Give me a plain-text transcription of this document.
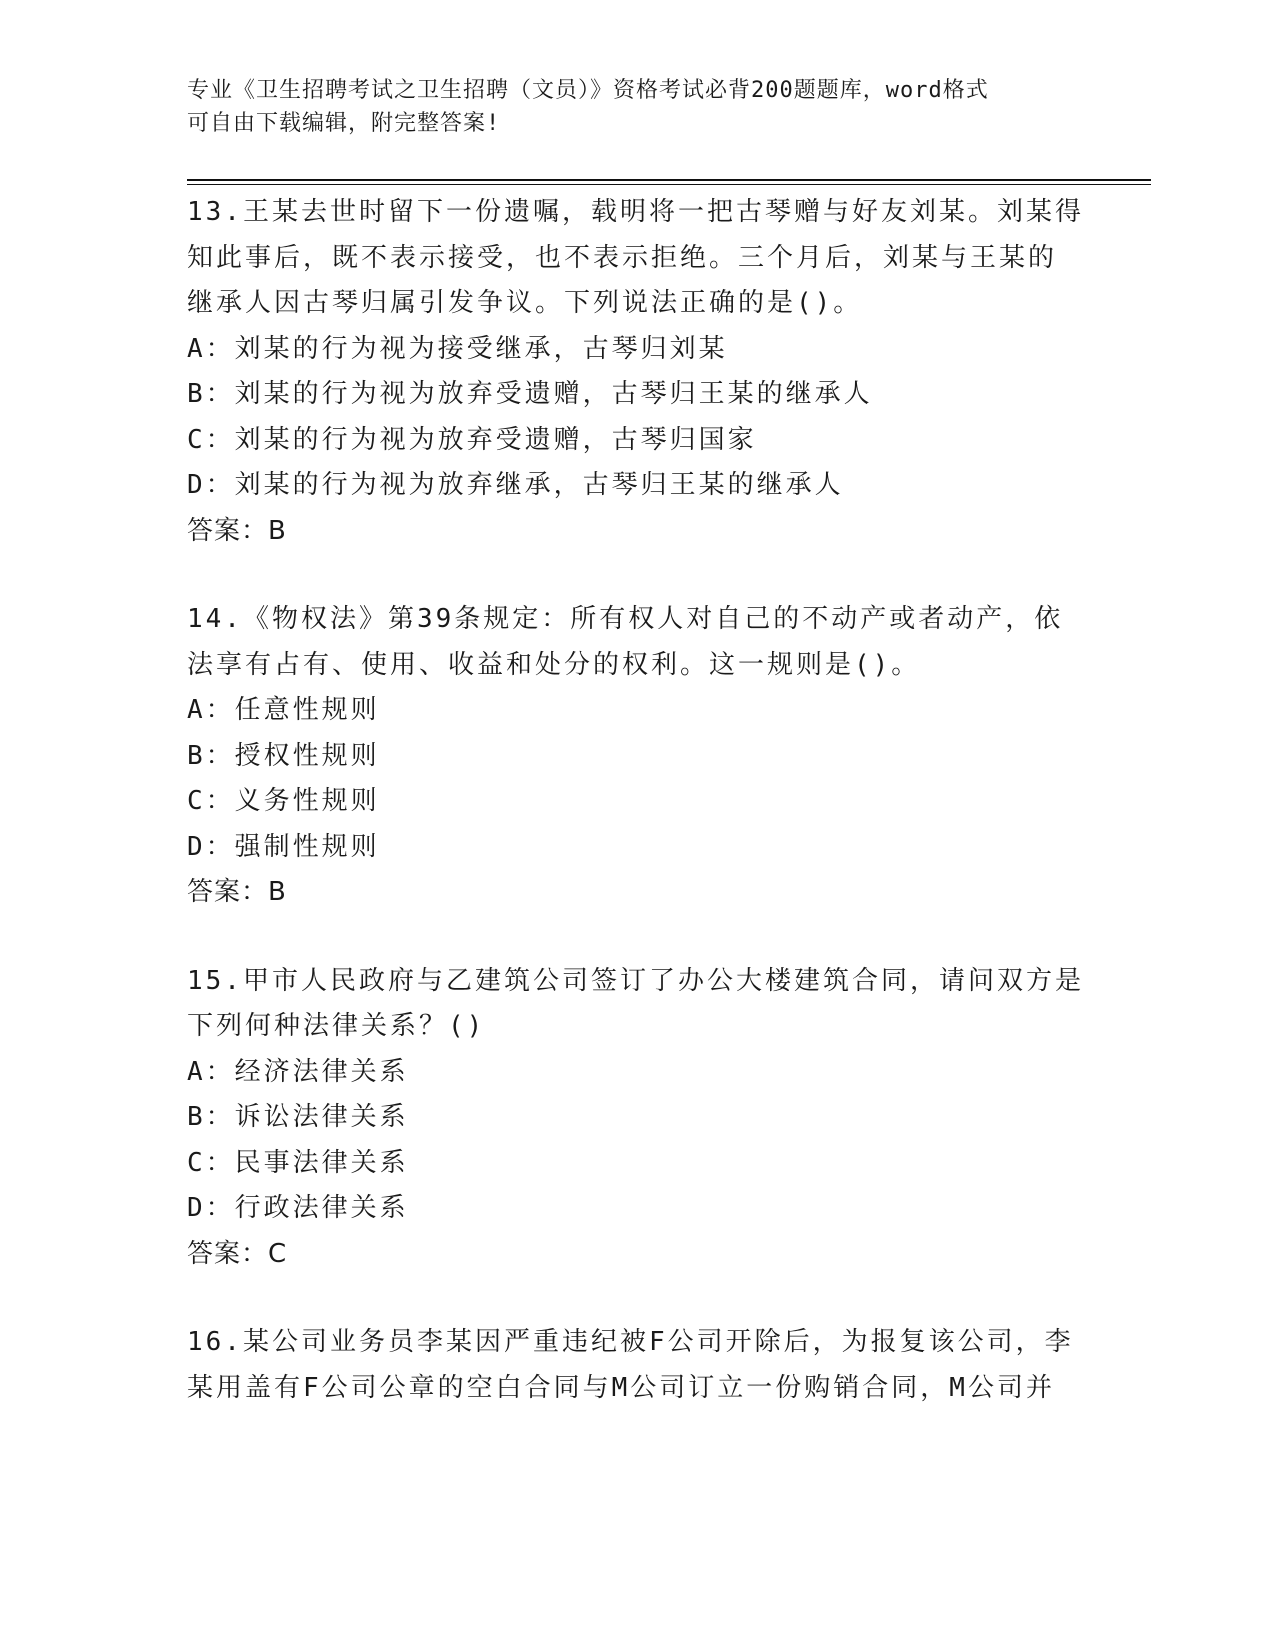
专业《卫生招聘考试之卫生招聘（文员）》资格考试必背200题题库，word格式
可自由下载编辑，附完整答案!

13.王某去世时留下一份遗嘱，载明将一把古琴赠与好友刘某。刘某得

知此事后，既不表示接受，也不表示拒绝。三个月后，刘某与王某的

继承人因古琴归属引发争议。下列说法正确的是()。

A：刘某的行为视为接受继承，古琴归刘某

B：刘某的行为视为放弃受遗赠，古琴归王某的继承人

C：刘某的行为视为放弃受遗赠，古琴归国家

D：刘某的行为视为放弃继承，古琴归王某的继承人

答案：B

14.《物权法》第39条规定：所有权人对自己的不动产或者动产，依

法享有占有、使用、收益和处分的权利。这一规则是()。

A：任意性规则

B：授权性规则

C：义务性规则

D：强制性规则

答案：B

15.甲市人民政府与乙建筑公司签订了办公大楼建筑合同，请问双方是

下列何种法律关系？()

A：经济法律关系

B：诉讼法律关系

C：民事法律关系

D：行政法律关系

答案：C

16.某公司业务员李某因严重违纪被F公司开除后，为报复该公司，李

某用盖有F公司公章的空白合同与M公司订立一份购销合同，M公司并
